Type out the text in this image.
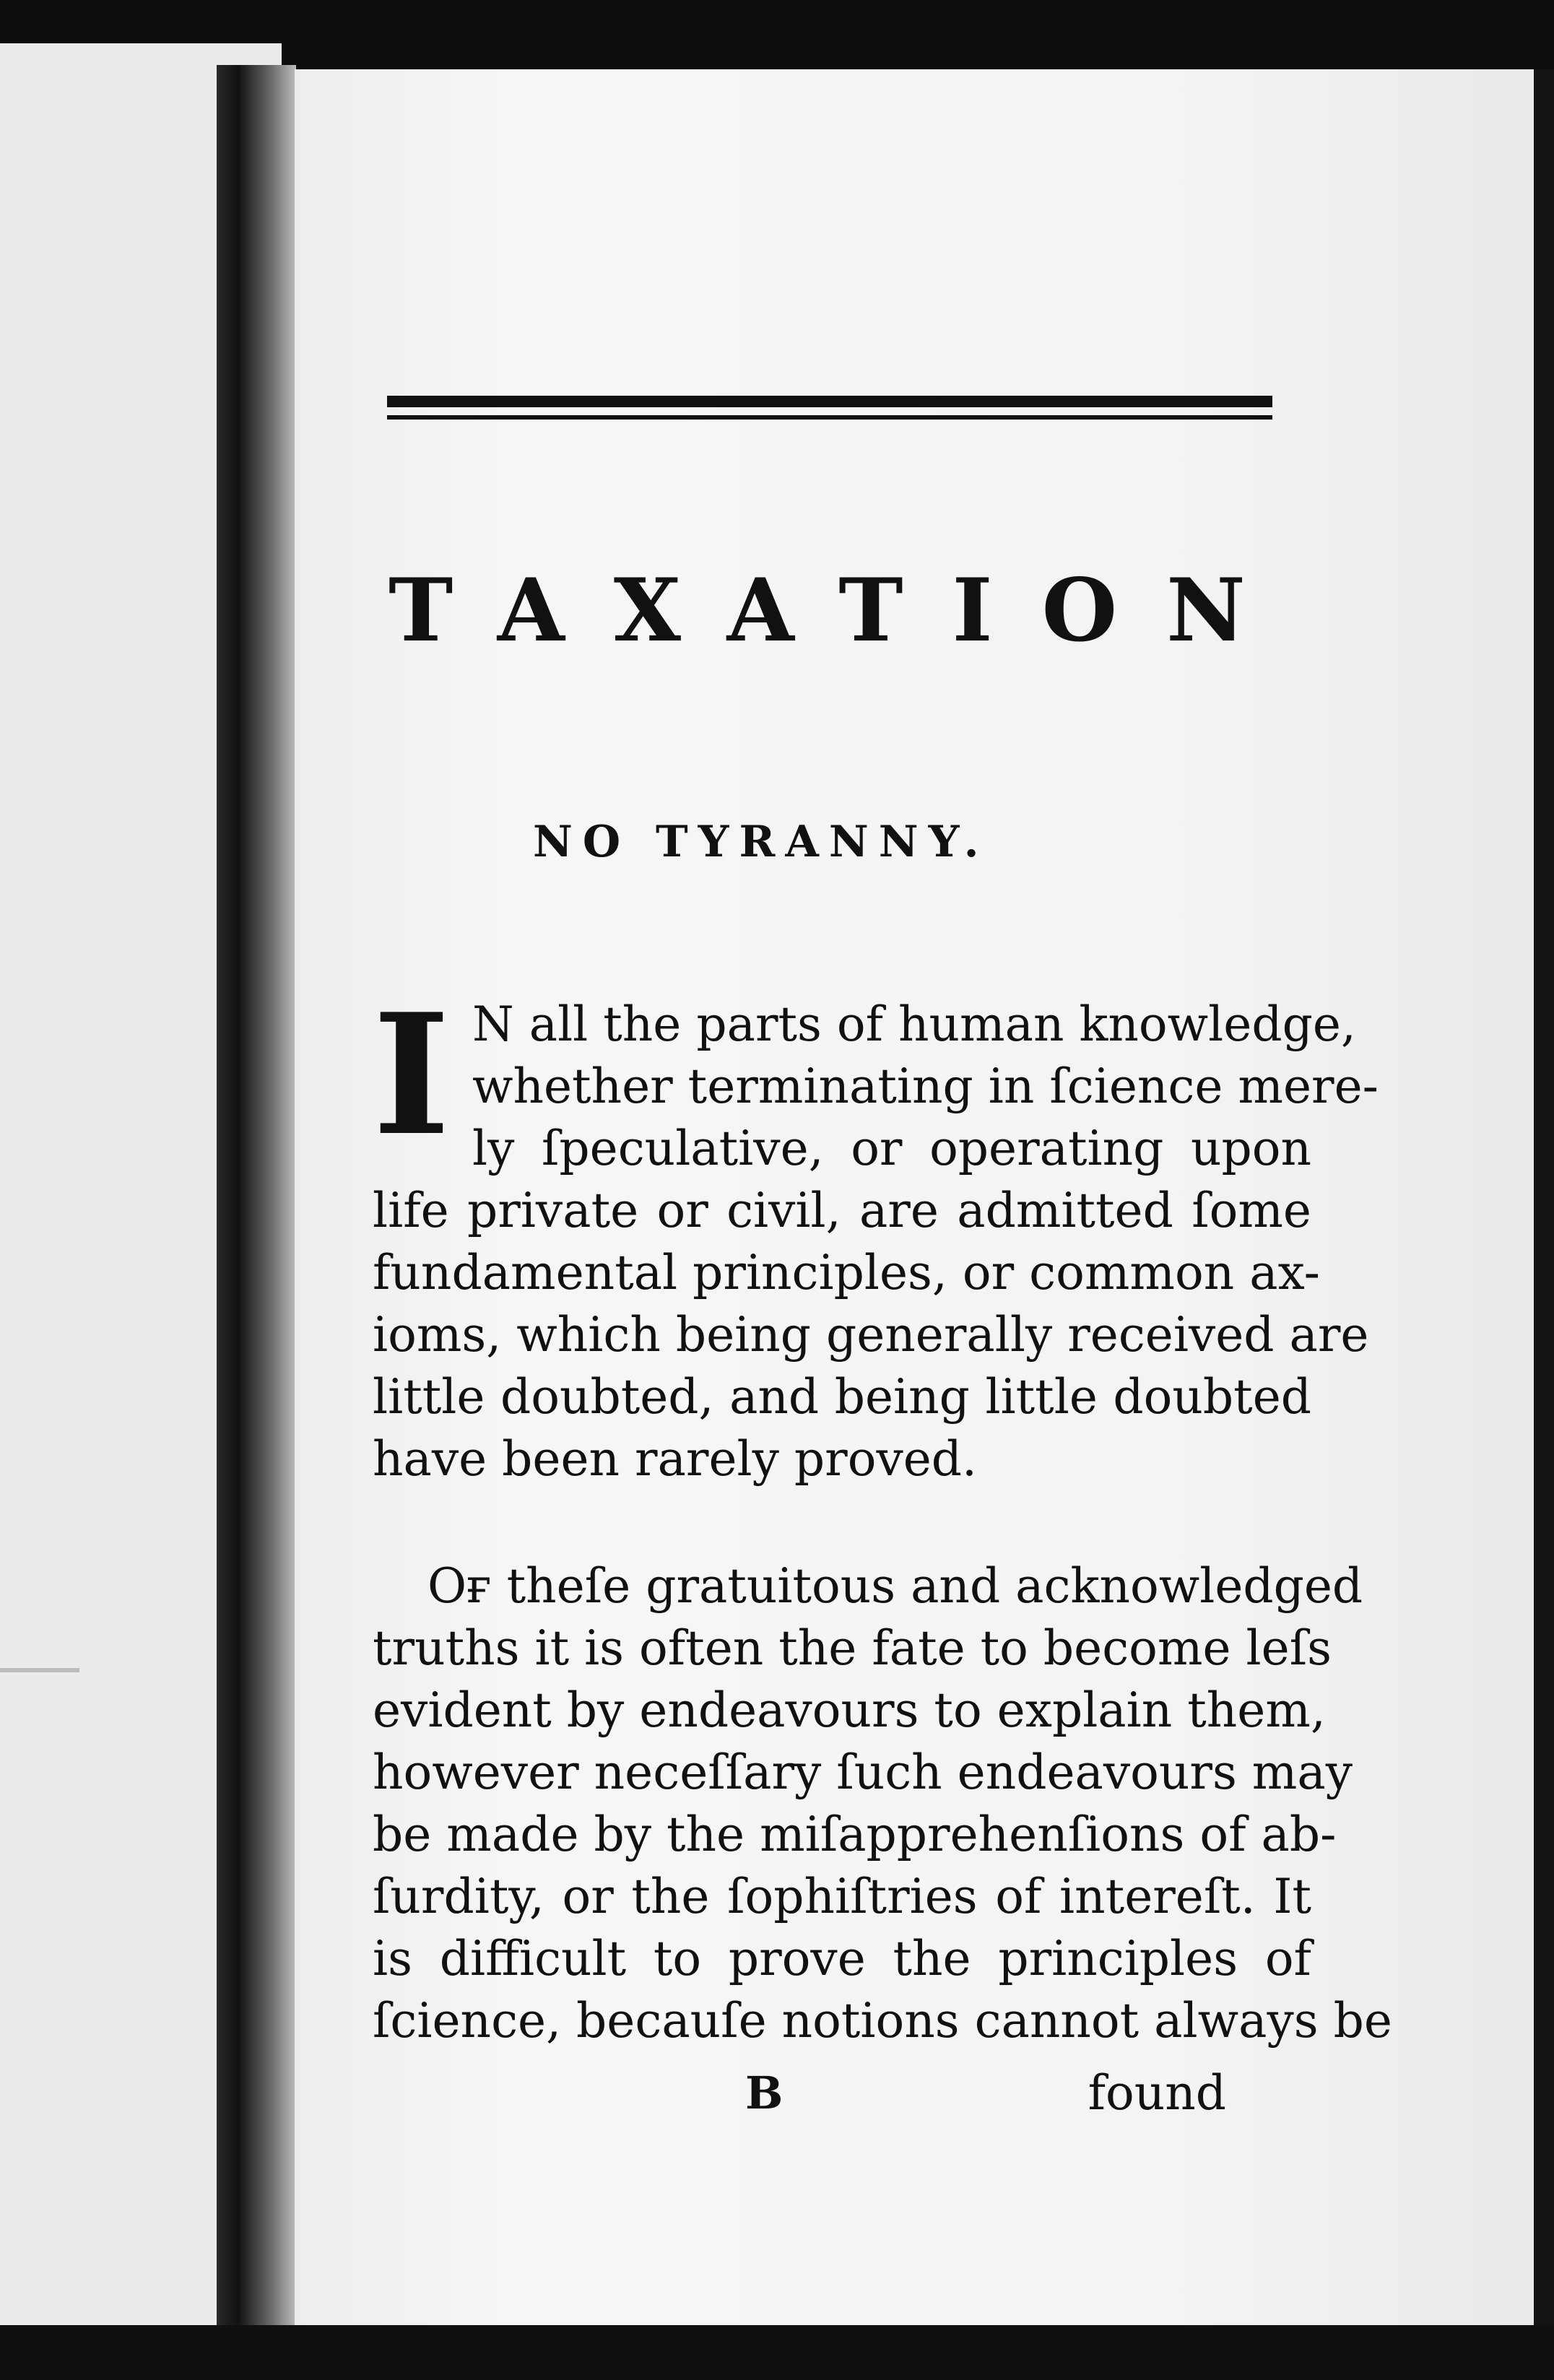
TAXATION
NO TYRANNY.
I N all the parts of human knowledge,
whether terminating in ſcience mere-
ly ſpeculative, or operating upon
life private or civil, are admitted ſome
fundamental principles, or common ax-
ioms, which being generally received are
little doubted, and being little doubted
have been rarely proved.
Oғ theſe gratuitous and acknowledged
truths it is often the fate to become leſs
evident by endeavours to explain them,
however neceſſary ſuch endeavours may
be made by the miſapprehenſions of ab-
ſurdity, or the ſophiſtries of intereſt. It
is difficult to prove the principles of
ſcience, becauſe notions cannot always be
B	found
